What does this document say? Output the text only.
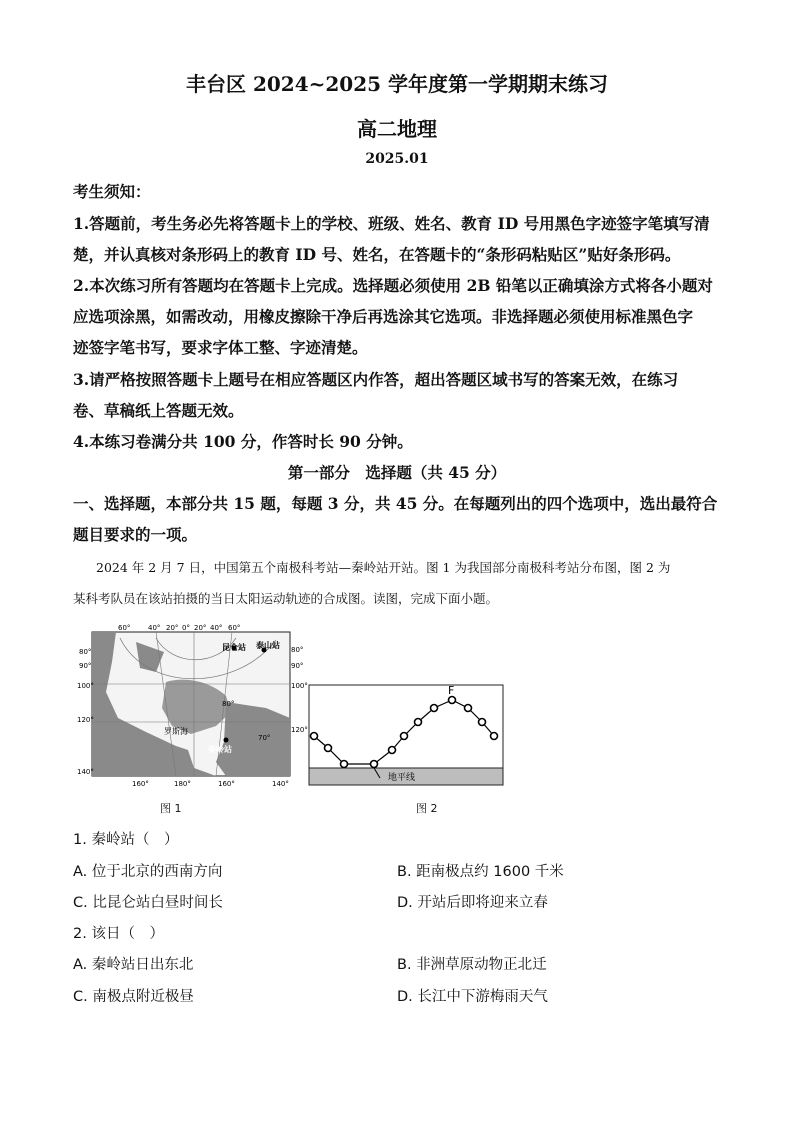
丰台区 2024~2025 学年度第一学期期末练习
高二地理
2025.01
考生须知：
1.答题前，考生务必先将答题卡上的学校、班级、姓名、教育 ID 号用黑色字迹签字笔填写清
楚，并认真核对条形码上的教育 ID 号、姓名，在答题卡的“条形码粘贴区”贴好条形码。
2.本次练习所有答题均在答题卡上完成。选择题必须使用 2B 铅笔以正确填涂方式将各小题对
应选项涂黑，如需改动，用橡皮擦除干净后再选涂其它选项。非选择题必须使用标准黑色字
迹签字笔书写，要求字体工整、字迹清楚。
3.请严格按照答题卡上题号在相应答题区内作答，超出答题区域书写的答案无效，在练习
卷、草稿纸上答题无效。
4.本练习卷满分共 100 分，作答时长 90 分钟。
第一部分　选择题（共 45 分）
一、选择题，本部分共 15 题，每题 3 分，共 45 分。在每题列出的四个选项中，选出最符合
题目要求的一项。
2024 年 2 月 7 日，中国第五个南极科考站—秦岭站开站。图 1 为我国部分南极科考站分布图，图 2 为
某科考队员在该站拍摄的当日太阳运动轨迹的合成图。读图，完成下面小题。
昆仑站 泰山站
秦岭站
罗斯海
60°	40° 20° 0° 20° 40° 60°
160°	180°	160°	140°
80°
90°
100°
120°
140°
80°
90°
100°
120°
80°
70°
图 1
F
地平线
图 2
1. 秦岭站（　）
A. 位于北京的西南方向	B. 距南极点约 1600 千米
C. 比昆仑站白昼时间长	D. 开站后即将迎来立春
2. 该日（　）
A. 秦岭站日出东北	B. 非洲草原动物正北迁
C. 南极点附近极昼	D. 长江中下游梅雨天气
